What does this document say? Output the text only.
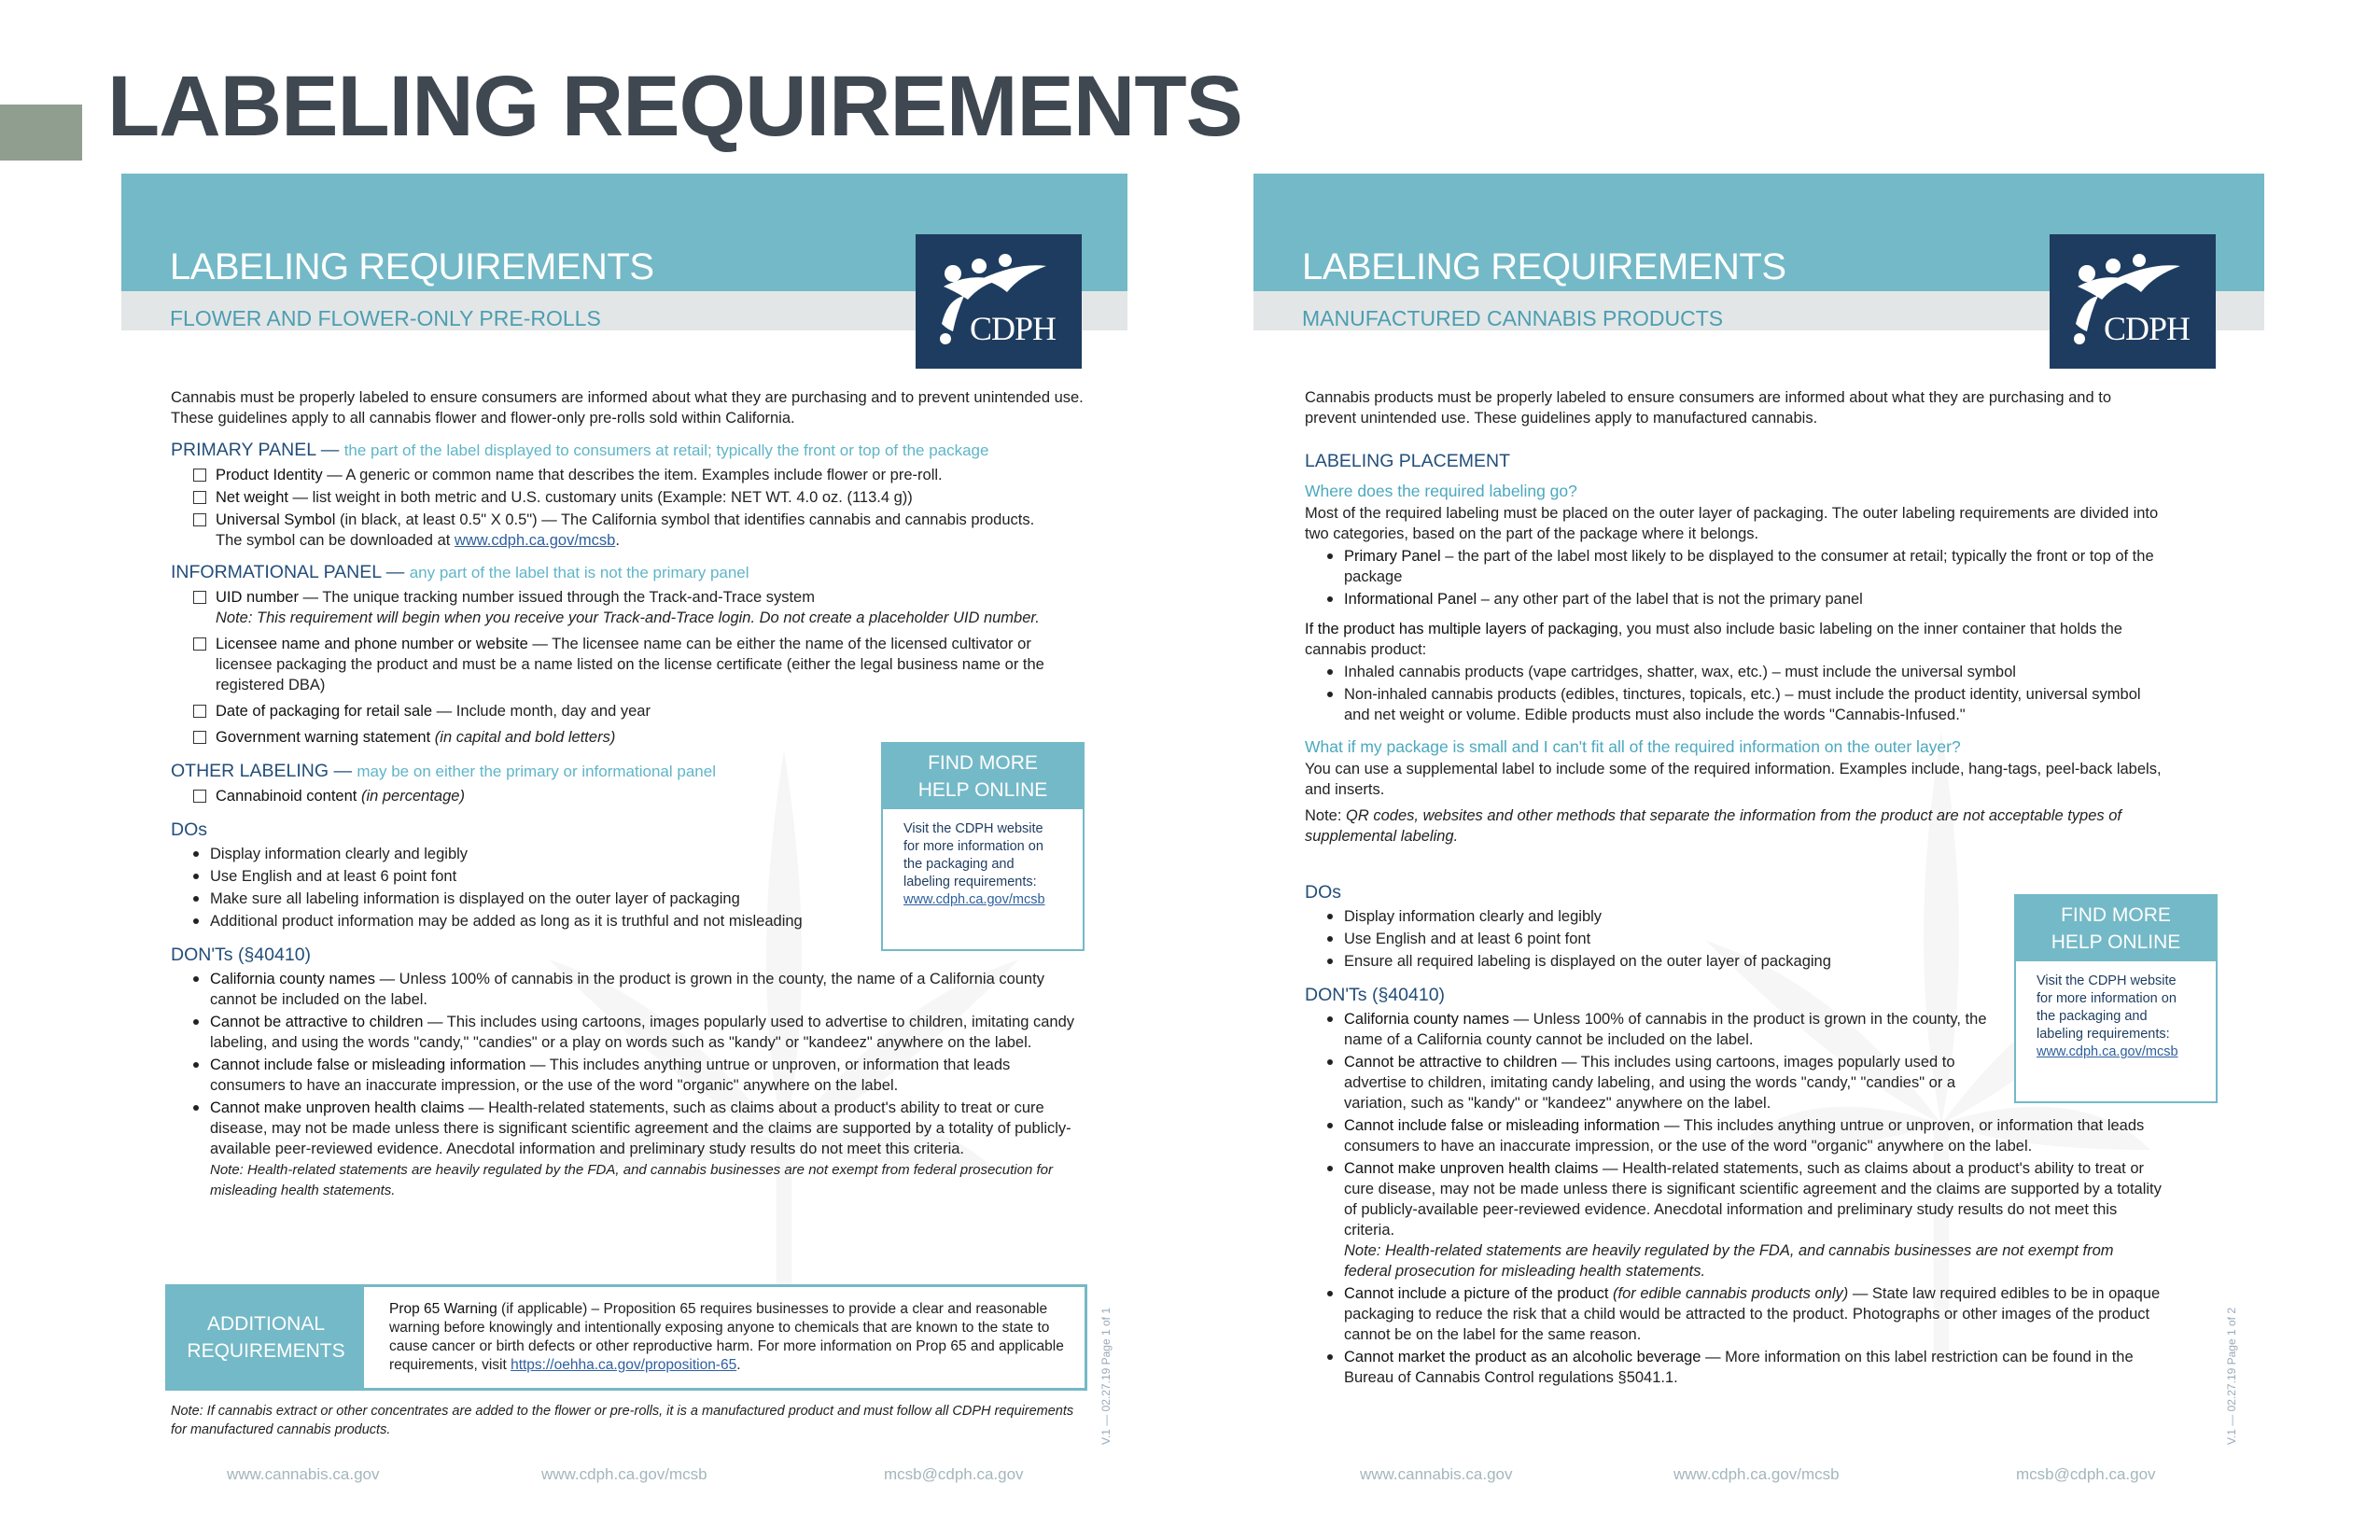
LABELING REQUIREMENTS
LABELING REQUIREMENTS
FLOWER AND FLOWER-ONLY PRE-ROLLS	CDPH
Cannabis must be properly labeled to ensure consumers are informed about what they are purchasing and to prevent unintended use. These guidelines apply to all cannabis flower and flower-only pre-rolls sold within California.
PRIMARY PANEL — the part of the label displayed to consumers at retail; typically the front or top of the package
Product Identity — A generic or common name that describes the item. Examples include flower or pre-roll.
Net weight — list weight in both metric and U.S. customary units (Example: NET WT. 4.0 oz. (113.4 g))
Universal Symbol (in black, at least 0.5" X 0.5") — The California symbol that identifies cannabis and cannabis products.
The symbol can be downloaded at www.cdph.ca.gov/mcsb.
INFORMATIONAL PANEL — any part of the label that is not the primary panel
UID number — The unique tracking number issued through the Track-and-Trace system
Note: This requirement will begin when you receive your Track-and-Trace login. Do not create a placeholder UID number.
Licensee name and phone number or website — The licensee name can be either the name of the licensed cultivator or licensee packaging the product and must be a name listed on the license certificate (either the legal business name or the registered DBA)
Date of packaging for retail sale — Include month, day and year
Government warning statement (in capital and bold letters)
OTHER LABELING — may be on either the primary or informational panel
Cannabinoid content (in percentage)
DOs
Display information clearly and legibly
Use English and at least 6 point font
Make sure all labeling information is displayed on the outer layer of packaging
Additional product information may be added as long as it is truthful and not misleading
DON'Ts (§40410)
California county names — Unless 100% of cannabis in the product is grown in the county, the name of a California county cannot be included on the label.
Cannot be attractive to children — This includes using cartoons, images popularly used to advertise to children, imitating candy labeling, and using the words "candy," "candies" or a play on words such as "kandy" or "kandeez" anywhere on the label.
Cannot include false or misleading information — This includes anything untrue or unproven, or information that leads consumers to have an inaccurate impression, or the use of the word "organic" anywhere on the label.
Cannot make unproven health claims — Health-related statements, such as claims about a product's ability to treat or cure disease, may not be made unless there is significant scientific agreement and the claims are supported by a totality of publicly-available peer-reviewed evidence. Anecdotal information and preliminary study results do not meet this criteria.
Note: Health-related statements are heavily regulated by the FDA, and cannabis businesses are not exempt from federal prosecution for misleading health statements.
FIND MORE
HELP ONLINE
Visit the CDPH website for more information on the packaging and labeling requirements:
www.cdph.ca.gov/mcsb
ADDITIONAL
REQUIREMENTS
Prop 65 Warning (if applicable) – Proposition 65 requires businesses to provide a clear and reasonable warning before knowingly and intentionally exposing anyone to chemicals that are known to the state to cause cancer or birth defects or other reproductive harm. For more information on Prop 65 and applicable requirements, visit https://oehha.ca.gov/proposition-65.
Note: If cannabis extract or other concentrates are added to the flower or pre-rolls, it is a manufactured product and must follow all CDPH requirements for manufactured cannabis products.	V.1 — 02.27.19 Page 1 of 1
www.cannabis.ca.gov	www.cdph.ca.gov/mcsb	mcsb@cdph.ca.gov
LABELING REQUIREMENTS
MANUFACTURED CANNABIS PRODUCTS	CDPH
Cannabis products must be properly labeled to ensure consumers are informed about what they are purchasing and to prevent unintended use. These guidelines apply to manufactured cannabis.
LABELING PLACEMENT
Where does the required labeling go?
Most of the required labeling must be placed on the outer layer of packaging. The outer labeling requirements are divided into two categories, based on the part of the package where it belongs.
Primary Panel – the part of the label most likely to be displayed to the consumer at retail; typically the front or top of the package
Informational Panel – any other part of the label that is not the primary panel
If the product has multiple layers of packaging, you must also include basic labeling on the inner container that holds the cannabis product:
Inhaled cannabis products (vape cartridges, shatter, wax, etc.) – must include the universal symbol
Non-inhaled cannabis products (edibles, tinctures, topicals, etc.) – must include the product identity, universal symbol and net weight or volume. Edible products must also include the words "Cannabis-Infused."
What if my package is small and I can't fit all of the required information on the outer layer?
You can use a supplemental label to include some of the required information. Examples include, hang-tags, peel-back labels, and inserts.
Note: QR codes, websites and other methods that separate the information from the product are not acceptable types of supplemental labeling.
DOs
Display information clearly and legibly
Use English and at least 6 point font
Ensure all required labeling is displayed on the outer layer of packaging
DON'Ts (§40410)
California county names — Unless 100% of cannabis in the product is grown in the county, the name of a California county cannot be included on the label.
Cannot be attractive to children — This includes using cartoons, images popularly used to advertise to children, imitating candy labeling, and using the words "candy," "candies" or a variation, such as "kandy" or "kandeez" anywhere on the label.
Cannot include false or misleading information — This includes anything untrue or unproven, or information that leads consumers to have an inaccurate impression, or the use of the word "organic" anywhere on the label.
Cannot make unproven health claims — Health-related statements, such as claims about a product's ability to treat or cure disease, may not be made unless there is significant scientific agreement and the claims are supported by a totality of publicly-available peer-reviewed evidence. Anecdotal information and preliminary study results do not meet this criteria.
Note: Health-related statements are heavily regulated by the FDA, and cannabis businesses are not exempt from federal prosecution for misleading health statements.
Cannot include a picture of the product (for edible cannabis products only) — State law required edibles to be in opaque packaging to reduce the risk that a child would be attracted to the product. Photographs or other images of the product cannot be on the label for the same reason.
Cannot market the product as an alcoholic beverage — More information on this label restriction can be found in the Bureau of Cannabis Control regulations §5041.1.
FIND MORE
HELP ONLINE
Visit the CDPH website for more information on the packaging and labeling requirements:
www.cdph.ca.gov/mcsb
V.1 — 02.27.19 Page 1 of 2
www.cannabis.ca.gov	www.cdph.ca.gov/mcsb	mcsb@cdph.ca.gov
